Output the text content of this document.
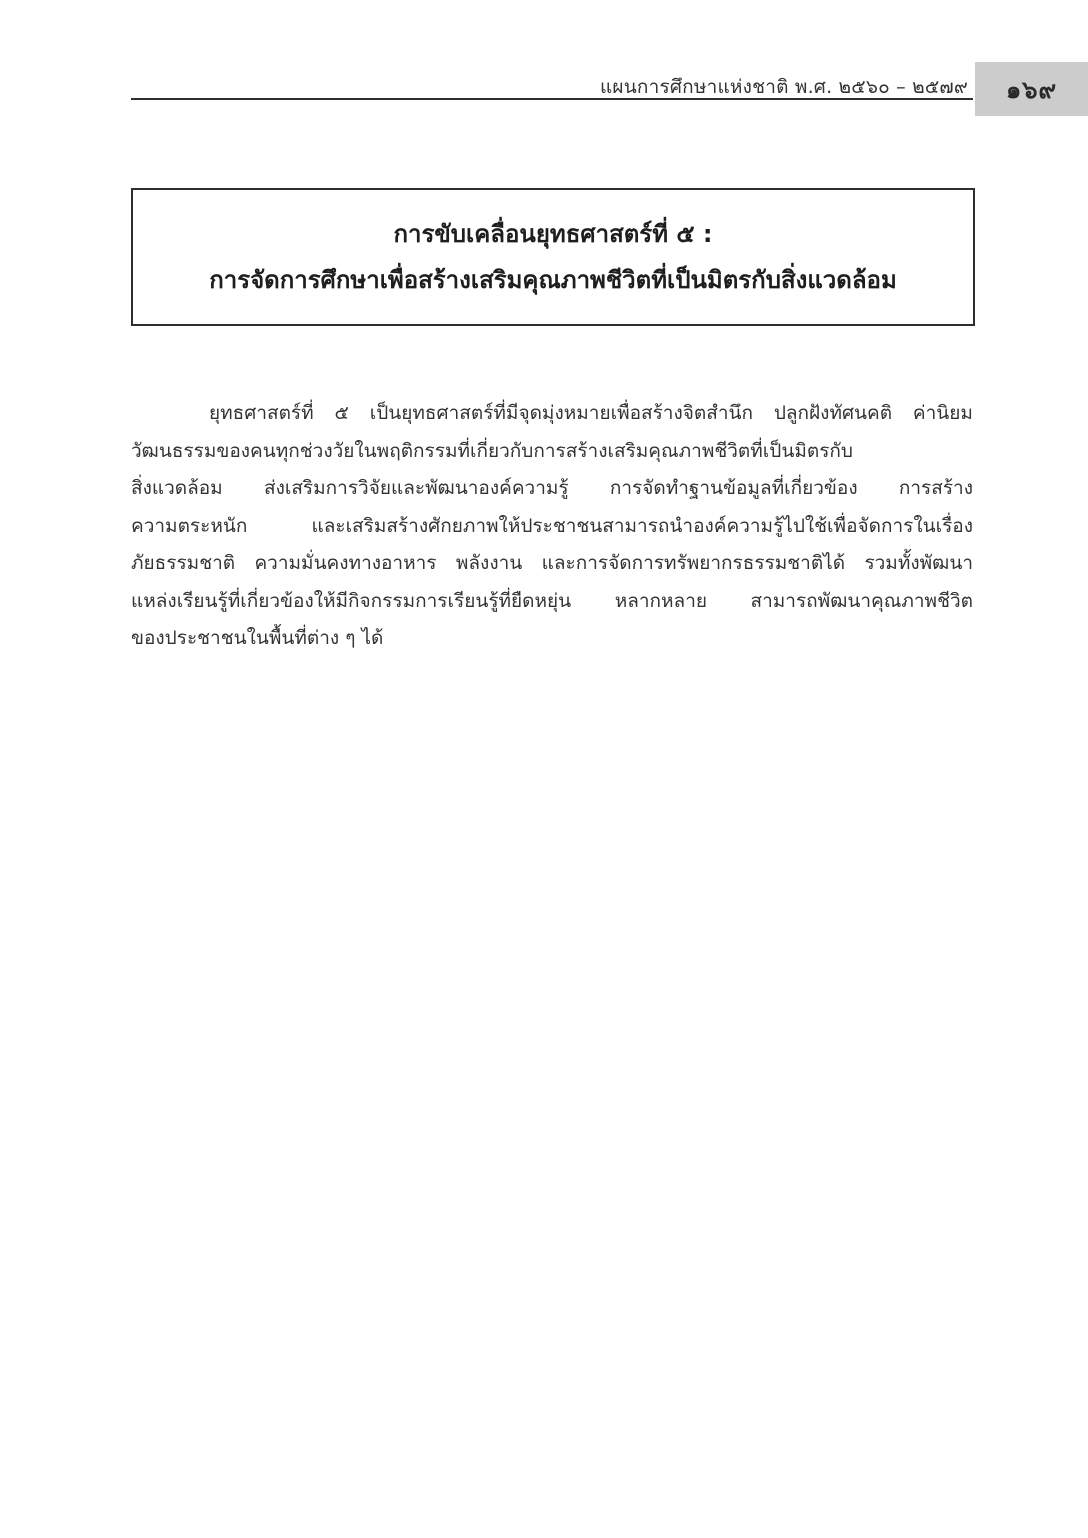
แผนการศึกษาแห่งชาติ พ.ศ. ๒๕๖๐ – ๒๕๗๙	๑๖๙
การขับเคลื่อนยุทธศาสตร์ที่ ๕ :
การจัดการศึกษาเพื่อสร้างเสริมคุณภาพชีวิตที่เป็นมิตรกับสิ่งแวดล้อม
ยุทธศาสตร์ที่ ๕ เป็นยุทธศาสตร์ที่มีจุดมุ่งหมายเพื่อสร้างจิตสำนึก ปลูกฝังทัศนคติ ค่านิยม
วัฒนธรรมของคนทุกช่วงวัยในพฤติกรรมที่เกี่ยวกับการสร้างเสริมคุณภาพชีวิตที่เป็นมิตรกับ
สิ่งแวดล้อม ส่งเสริมการวิจัยและพัฒนาองค์ความรู้ การจัดทำฐานข้อมูลที่เกี่ยวข้อง การสร้าง
ความตระหนัก	และเสริมสร้างศักยภาพให้ประชาชนสามารถนำองค์ความรู้ไปใช้เพื่อจัดการในเรื่อง
ภัยธรรมชาติ ความมั่นคงทางอาหาร พลังงาน และการจัดการทรัพยากรธรรมชาติได้ รวมทั้งพัฒนา
แหล่งเรียนรู้ที่เกี่ยวข้องให้มีกิจกรรมการเรียนรู้ที่ยืดหยุ่น หลากหลาย สามารถพัฒนาคุณภาพชีวิต
ของประชาชนในพื้นที่ต่าง ๆ ได้
